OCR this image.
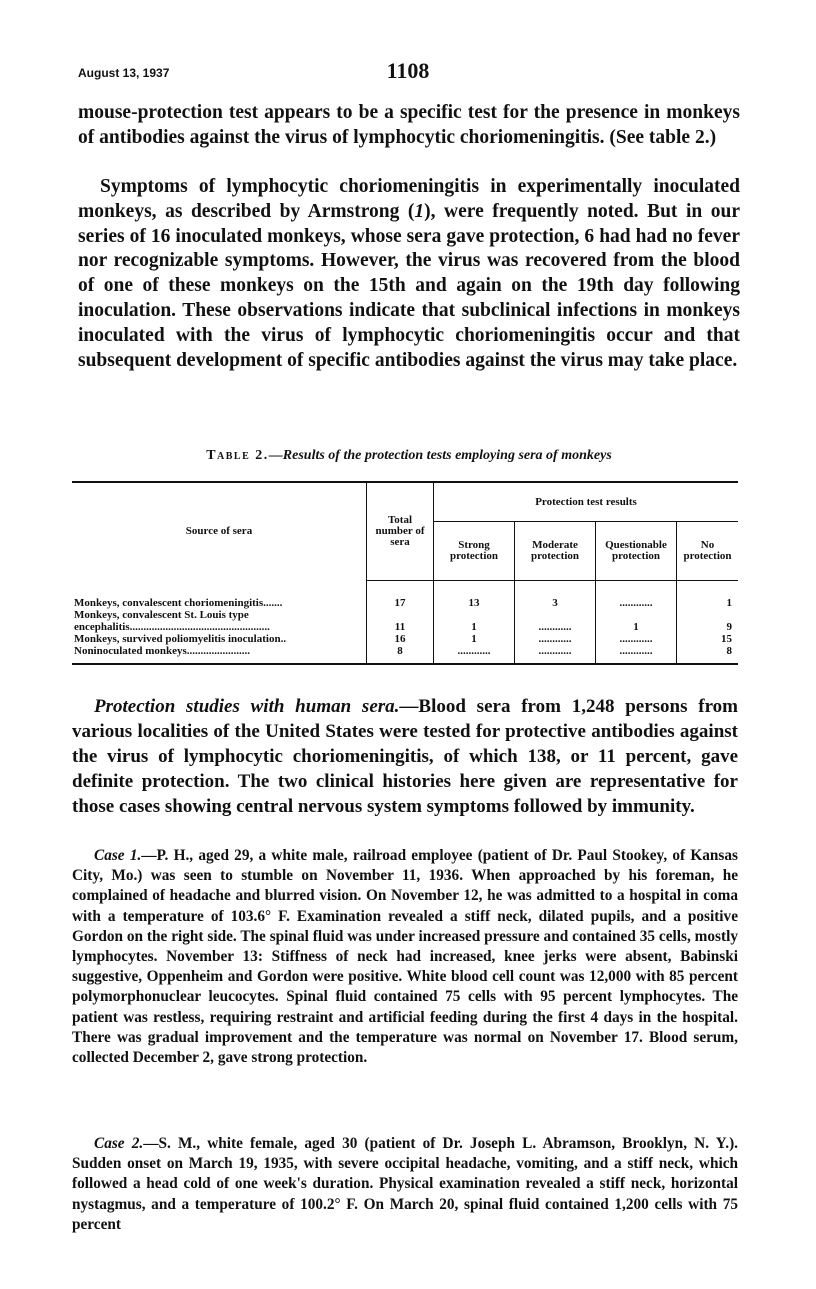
August 13, 1937	1108

mouse-protection test appears to be a specific test for the presence in monkeys of antibodies against the virus of lymphocytic choriomeningitis. (See table 2.)

Symptoms of lymphocytic choriomeningitis in experimentally inoculated monkeys, as described by Armstrong (1), were frequently noted. But in our series of 16 inoculated monkeys, whose sera gave protection, 6 had had no fever nor recognizable symptoms. However, the virus was recovered from the blood of one of these monkeys on the 15th and again on the 19th day following inoculation. These observations indicate that subclinical infections in monkeys inoculated with the virus of lymphocytic choriomeningitis occur and that subsequent development of specific antibodies against the virus may take place.

Table 2.—Results of the protection tests employing sera of monkeys
Source of sera	Total number of sera	Protection test results			
		Strong protection	Moderate protection	Questionable protection	No protection

Monkeys, convalescent choriomeningitis.......	17	13	3	............	1
Monkeys, convalescent St. Louis type encephalitis...................................................	11	1	............	1	9
Monkeys, survived poliomyelitis inoculation..	16	1	............	............	15
Noninoculated monkeys.......................	8	............	............	............	8

Protection studies with human sera.—Blood sera from 1,248 persons from various localities of the United States were tested for protective antibodies against the virus of lymphocytic choriomeningitis, of which 138, or 11 percent, gave definite protection. The two clinical histories here given are representative for those cases showing central nervous system symptoms followed by immunity.

Case 1.—P. H., aged 29, a white male, railroad employee (patient of Dr. Paul Stookey, of Kansas City, Mo.) was seen to stumble on November 11, 1936. When approached by his foreman, he complained of headache and blurred vision. On November 12, he was admitted to a hospital in coma with a temperature of 103.6° F. Examination revealed a stiff neck, dilated pupils, and a positive Gordon on the right side. The spinal fluid was under increased pressure and contained 35 cells, mostly lymphocytes. November 13: Stiffness of neck had increased, knee jerks were absent, Babinski suggestive, Oppenheim and Gordon were positive. White blood cell count was 12,000 with 85 percent polymorphonuclear leucocytes. Spinal fluid contained 75 cells with 95 percent lymphocytes. The patient was restless, requiring restraint and artificial feeding during the first 4 days in the hospital. There was gradual improvement and the temperature was normal on November 17. Blood serum, collected December 2, gave strong protection.

Case 2.—S. M., white female, aged 30 (patient of Dr. Joseph L. Abramson, Brooklyn, N. Y.). Sudden onset on March 19, 1935, with severe occipital headache, vomiting, and a stiff neck, which followed a head cold of one week's duration. Physical examination revealed a stiff neck, horizontal nystagmus, and a temperature of 100.2° F. On March 20, spinal fluid contained 1,200 cells with 75 percent
